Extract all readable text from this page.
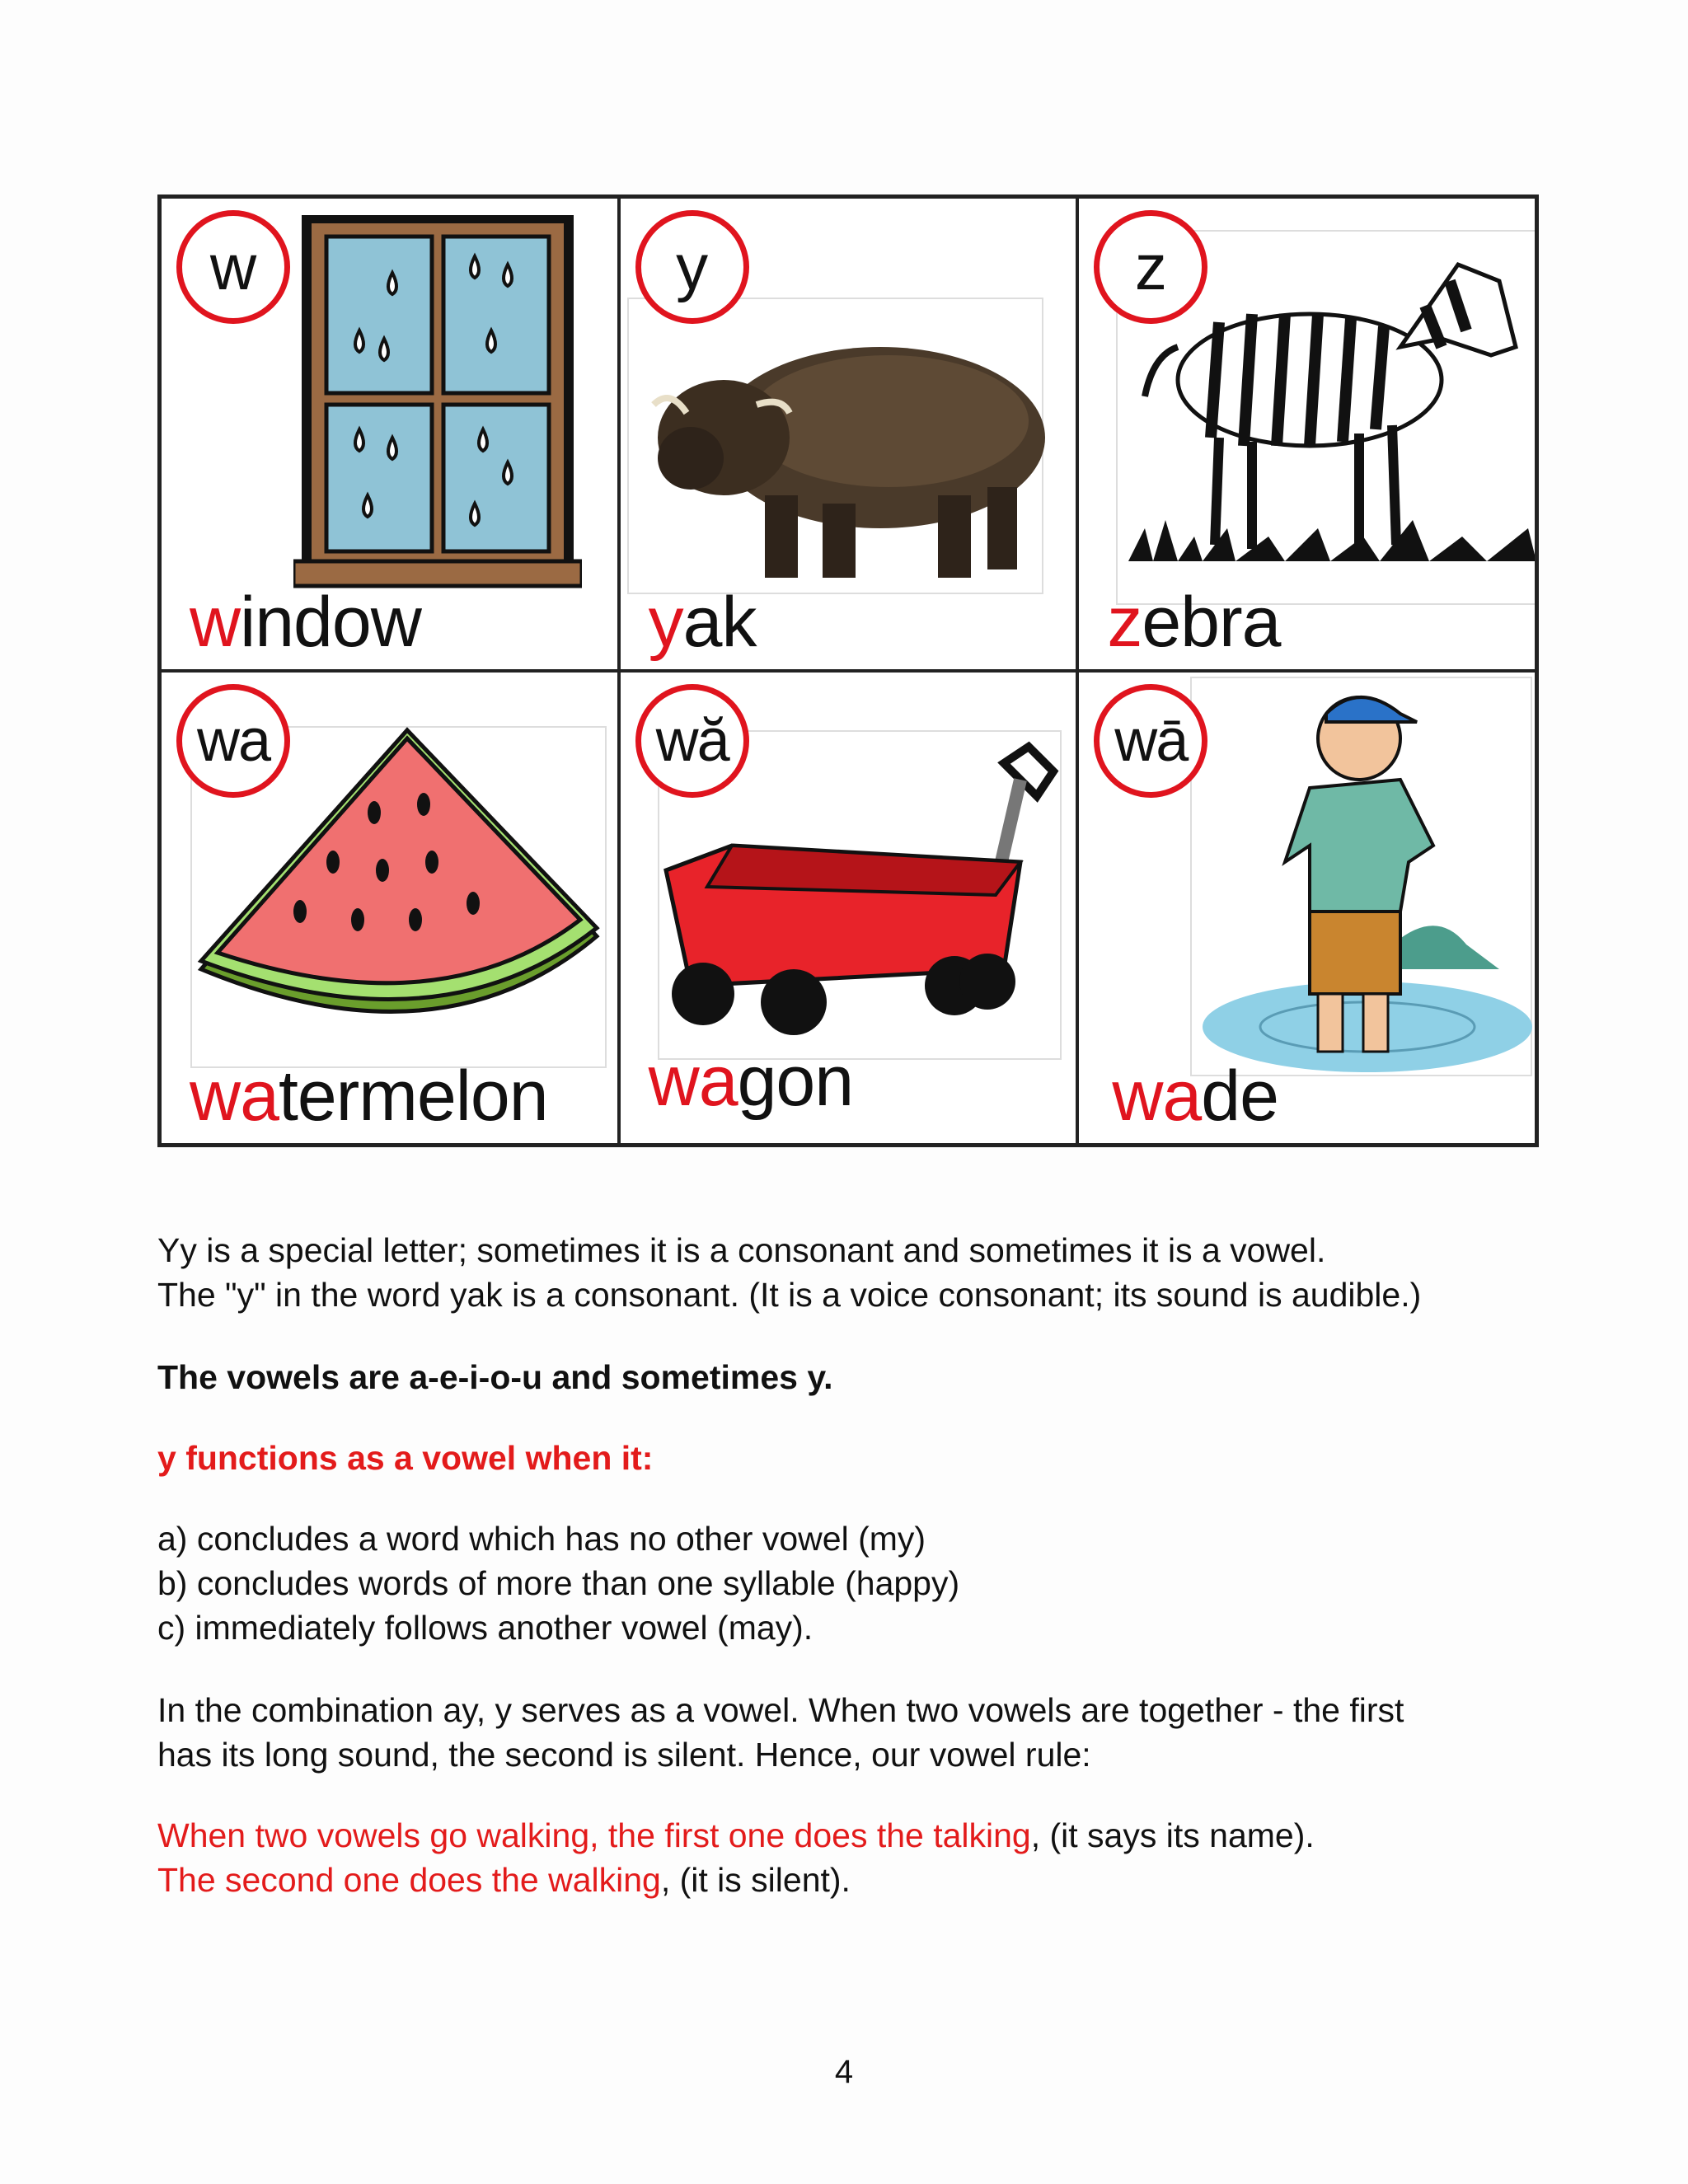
w
window
y
yak
z
zebra
wa
watermelon
wă
wagon
wā
wade
Yy is a special letter; sometimes it is a consonant and sometimes it is a vowel.
The "y" in the word yak is a consonant. (It is a voice consonant; its sound is audible.)
The vowels are a-e-i-o-u and sometimes y.
y functions as a vowel when it:
a) concludes a word which has no other vowel (my)
b) concludes words of more than one syllable (happy)
c) immediately follows another vowel (may).
In the combination ay, y serves as a vowel. When two vowels are together - the first
has its long sound, the second is silent. Hence, our vowel rule:
When two vowels go walking, the first one does the talking, (it says its name).
The second one does the walking, (it is silent).
4
